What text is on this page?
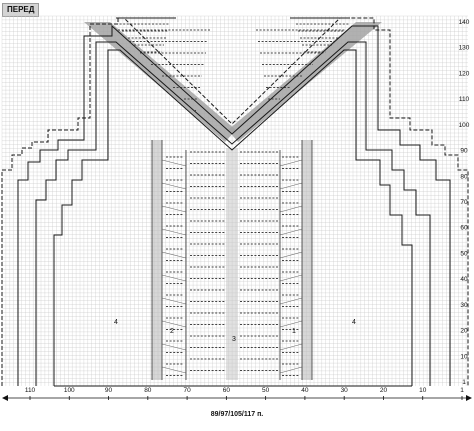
ПЕРЕД
4	4
2	1
3
140
130
120
110
100
90
80
70
60
50
40
30
20
10
1
110	100	90	80	70	60	50	40	30	20	10	1
89/97/105/117 п.
